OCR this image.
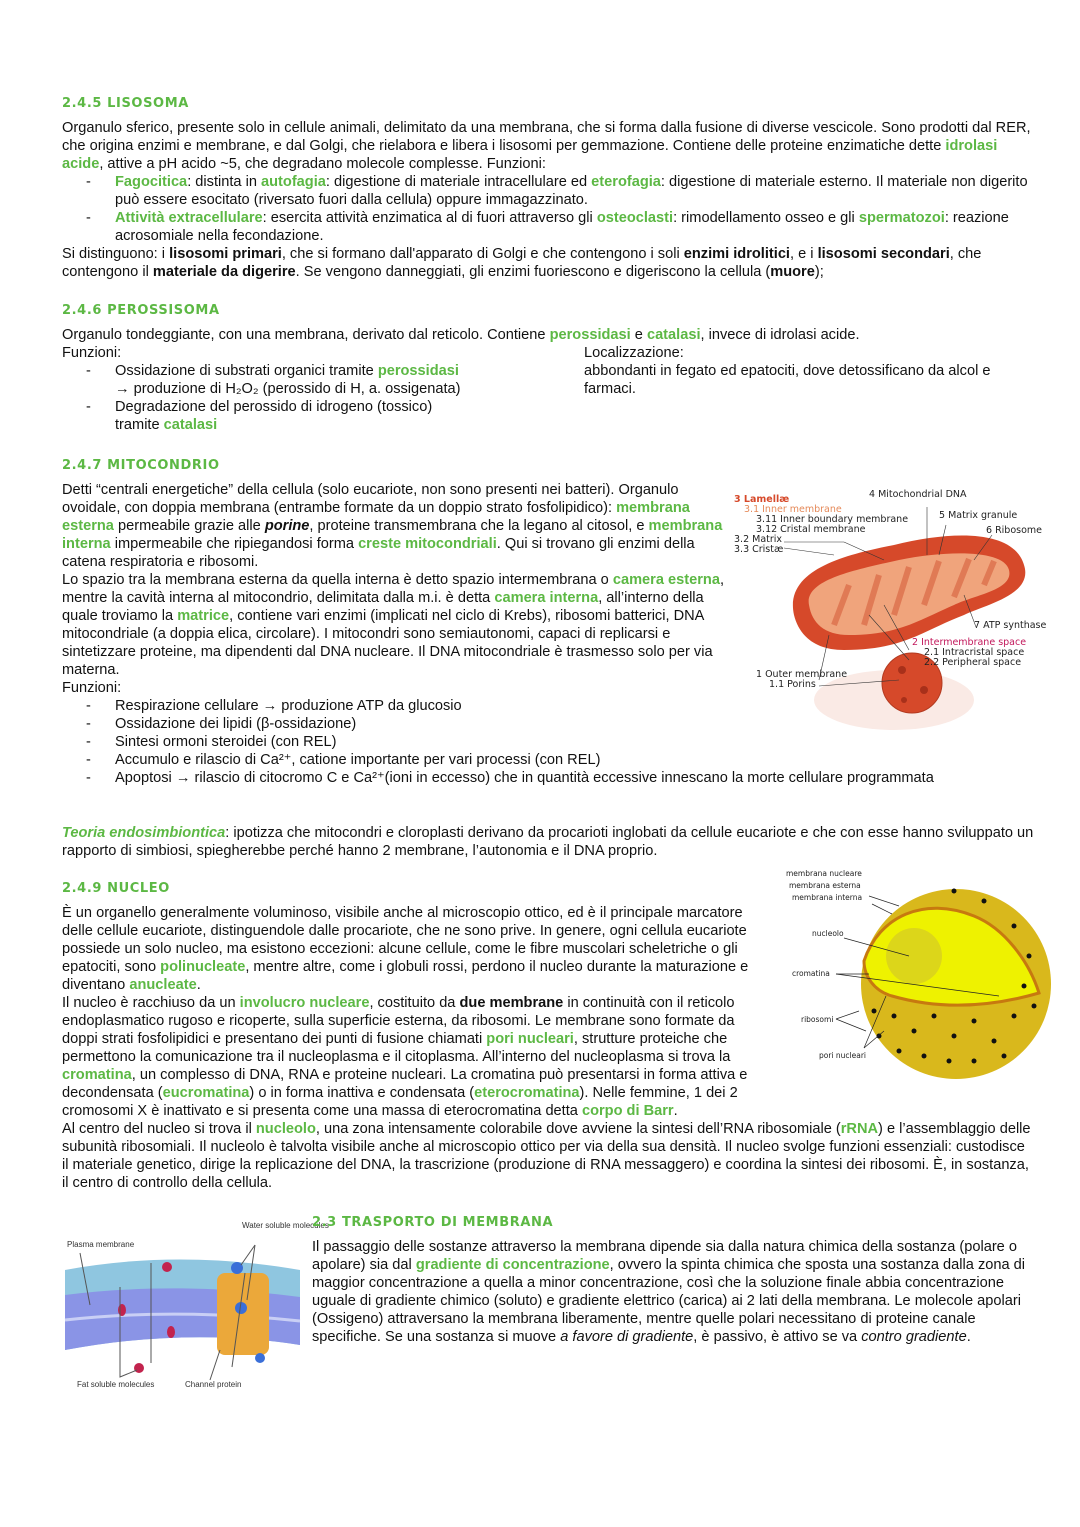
2.4.5 LISOSOMA

Organulo sferico, presente solo in cellule animali, delimitato da una membrana, che si forma dalla fusione di diverse vescicole. Sono prodotti dal RER, che origina enzimi e membrane, e dal Golgi, che rielabora e libera i lisosomi per gemmazione. Contiene delle proteine enzimatiche dette idrolasi acide, attive a pH acido ~5, che degradano molecole complesse. Funzioni:

- Fagocitica: distinta in autofagia: digestione di materiale intracellulare ed eterofagia: digestione di materiale esterno. Il materiale non digerito può essere esocitato (riversato fuori dalla cellula) oppure immagazzinato.
- Attività extracellulare: esercita attività enzimatica al di fuori attraverso gli osteoclasti: rimodellamento osseo e gli spermatozoi: reazione acrosomiale nella fecondazione.

Si distinguono: i lisosomi primari, che si formano dall'apparato di Golgi e che contengono i soli enzimi idrolitici, e i lisosomi secondari, che contengono il materiale da digerire. Se vengono danneggiati, gli enzimi fuoriescono e digeriscono la cellula (muore);

2.4.6 PEROSSISOMA

Organulo tondeggiante, con una membrana, derivato dal reticolo. Contiene perossidasi e catalasi, invece di idrolasi acide.

Funzioni:

- Ossidazione di substrati organici tramite perossidasi
→ produzione di H₂O₂ (perossido di H, a. ossigenata)
- Degradazione del perossido di idrogeno (tossico)
tramite catalasi

Localizzazione:

abbondanti in fegato ed epatociti, dove detossificano da alcol e farmaci.

2.4.7 MITOCONDRIO
3 Lamellæ
3.1 Inner membrane
3.11 Inner boundary membrane
3.12 Cristal membrane
3.2 Matrix
3.3 Cristæ
4 Mitochondrial DNA
5 Matrix granule
6 Ribosome
7 ATP synthase
2 Intermembrane space
2.1 Intracristal space
2.2 Peripheral space
1 Outer membrane
1.1 Porins

Detti “centrali energetiche” della cellula (solo eucariote, non sono presenti nei batteri). Organulo ovoidale, con doppia membrana (entrambe formate da un doppio strato fosfolipidico): membrana esterna permeabile grazie alle porine, proteine transmembrana che la legano al citosol, e membrana interna impermeabile che ripiegandosi forma creste mitocondriali. Qui si trovano gli enzimi della catena respiratoria e ribosomi.
Lo spazio tra la membrana esterna da quella interna è detto spazio intermembrana o camera esterna, mentre la cavità interna al mitocondrio, delimitata dalla m.i. è detta camera interna, all’interno della quale troviamo la matrice, contiene vari enzimi (implicati nel ciclo di Krebs), ribosomi batterici, DNA mitocondriale (a doppia elica, circolare). I mitocondri sono semiautonomi, capaci di replicarsi e sintetizzare proteine, ma dipendenti dal DNA nucleare. Il DNA mitocondriale è trasmesso solo per via materna.
Funzioni:

- Respirazione cellulare → produzione ATP da glucosio
- Ossidazione dei lipidi (β-ossidazione)
- Sintesi ormoni steroidei (con REL)
- Accumulo e rilascio di Ca²⁺, catione importante per vari processi (con REL)
- Apoptosi → rilascio di citocromo C e Ca²⁺(ioni in eccesso) che in quantità eccessive innescano la morte cellulare programmata
Teoria endosimbiontica: ipotizza che mitocondri e cloroplasti derivano da procarioti inglobati da cellule eucariote e che con esse hanno sviluppato un rapporto di simbiosi, spiegherebbe perché hanno 2 membrane, l’autonomia e il DNA proprio.
membrana nucleare
membrana esterna
membrana interna
nucleolo
cromatina
ribosomi
pori nucleari
2.4.9 NUCLEO

È un organello generalmente voluminoso, visibile anche al microscopio ottico, ed è il principale marcatore delle cellule eucariote, distinguendole dalle procariote, che ne sono prive. In genere, ogni cellula eucariote possiede un solo nucleo, ma esistono eccezioni: alcune cellule, come le fibre muscolari scheletriche o gli epatociti, sono polinucleate, mentre altre, come i globuli rossi, perdono il nucleo durante la maturazione e diventano anucleate.
Il nucleo è racchiuso da un involucro nucleare, costituito da due membrane in continuità con il reticolo endoplasmatico rugoso e ricoperte, sulla superficie esterna, da ribosomi. Le membrane sono formate da doppi strati fosfolipidici e presentano dei punti di fusione chiamati pori nucleari, strutture proteiche che permettono la comunicazione tra il nucleoplasma e il citoplasma. All’interno del nucleoplasma si trova la cromatina, un complesso di DNA, RNA e proteine nucleari. La cromatina può presentarsi in forma attiva e decondensata (eucromatina) o in forma inattiva e condensata (eterocromatina). Nelle femmine, 1 dei 2 cromosomi X è inattivato e si presenta come una massa di eterocromatina detta corpo di Barr.
Al centro del nucleo si trova il nucleolo, una zona intensamente colorabile dove avviene la sintesi dell’RNA ribosomiale (rRNA) e l’assemblaggio delle subunità ribosomiali. Il nucleolo è talvolta visibile anche al microscopio ottico per via della sua densità. Il nucleo svolge funzioni essenziali: custodisce il materiale genetico, dirige la replicazione del DNA, la trascrizione (produzione di RNA messaggero) e coordina la sintesi dei ribosomi. È, in sostanza, il centro di controllo della cellula.

Plasma membrane
Water soluble molecules
Fat soluble molecules	Channel protein
2.3 TRASPORTO DI MEMBRANA

Il passaggio delle sostanze attraverso la membrana dipende sia dalla natura chimica della sostanza (polare o apolare) sia dal gradiente di concentrazione, ovvero la spinta chimica che sposta una sostanza dalla zona di maggior concentrazione a quella a minor concentrazione, così che la soluzione finale abbia concentrazione uguale di gradiente chimico (soluto) e gradiente elettrico (carica) ai 2 lati della membrana. Le molecole apolari (Ossigeno) attraversano la membrana liberamente, mentre quelle polari necessitano di proteine canale specifiche. Se una sostanza si muove a favore di gradiente, è passivo, è attivo se va contro gradiente.
